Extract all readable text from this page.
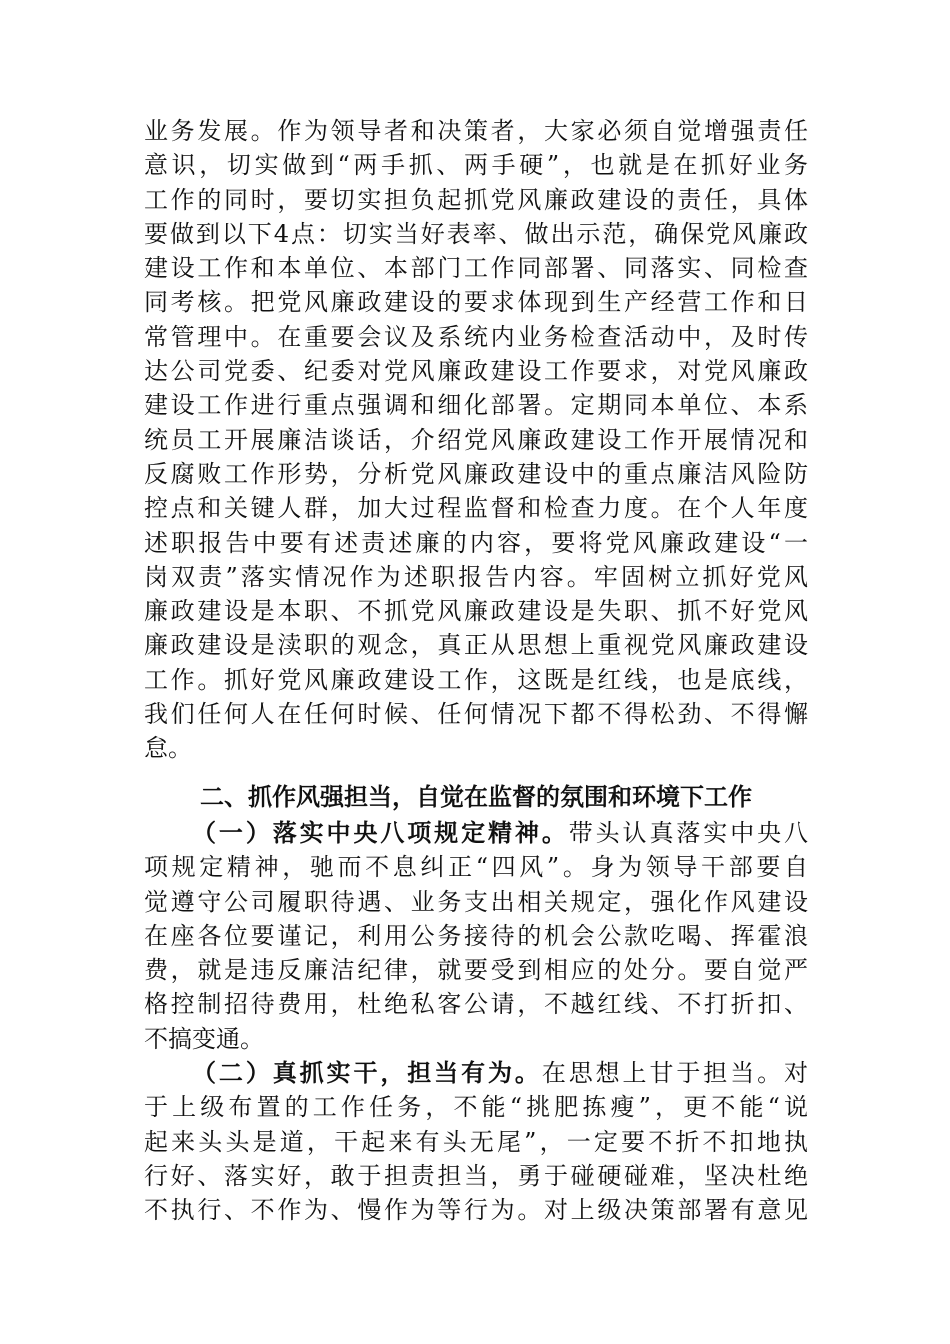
业务发展。作为领导者和决策者，大家必须自觉增强责任
意识，切实做到“两手抓、两手硬”，也就是在抓好业务
工作的同时，要切实担负起抓党风廉政建设的责任，具体
要做到以下4点：切实当好表率、做出示范，确保党风廉政
建设工作和本单位、本部门工作同部署、同落实、同检查
同考核。把党风廉政建设的要求体现到生产经营工作和日
常管理中。在重要会议及系统内业务检查活动中，及时传
达公司党委、纪委对党风廉政建设工作要求，对党风廉政
建设工作进行重点强调和细化部署。定期同本单位、本系
统员工开展廉洁谈话，介绍党风廉政建设工作开展情况和
反腐败工作形势，分析党风廉政建设中的重点廉洁风险防
控点和关键人群，加大过程监督和检查力度。在个人年度
述职报告中要有述责述廉的内容，要将党风廉政建设“一
岗双责”落实情况作为述职报告内容。牢固树立抓好党风
廉政建设是本职、不抓党风廉政建设是失职、抓不好党风
廉政建设是渎职的观念，真正从思想上重视党风廉政建设
工作。抓好党风廉政建设工作，这既是红线，也是底线，
我们任何人在任何时候、任何情况下都不得松劲、不得懈
怠。
二、抓作风强担当，自觉在监督的氛围和环境下工作
（一）落实中央八项规定精神。带头认真落实中央八
项规定精神，驰而不息纠正“四风”。身为领导干部要自
觉遵守公司履职待遇、业务支出相关规定，强化作风建设
在座各位要谨记，利用公务接待的机会公款吃喝、挥霍浪
费，就是违反廉洁纪律，就要受到相应的处分。要自觉严
格控制招待费用，杜绝私客公请，不越红线、不打折扣、
不搞变通。
（二）真抓实干，担当有为。在思想上甘于担当。对
于上级布置的工作任务，不能“挑肥拣瘦”，更不能“说
起来头头是道，干起来有头无尾”，一定要不折不扣地执
行好、落实好，敢于担责担当，勇于碰硬碰难，坚决杜绝
不执行、不作为、慢作为等行为。对上级决策部署有意见
